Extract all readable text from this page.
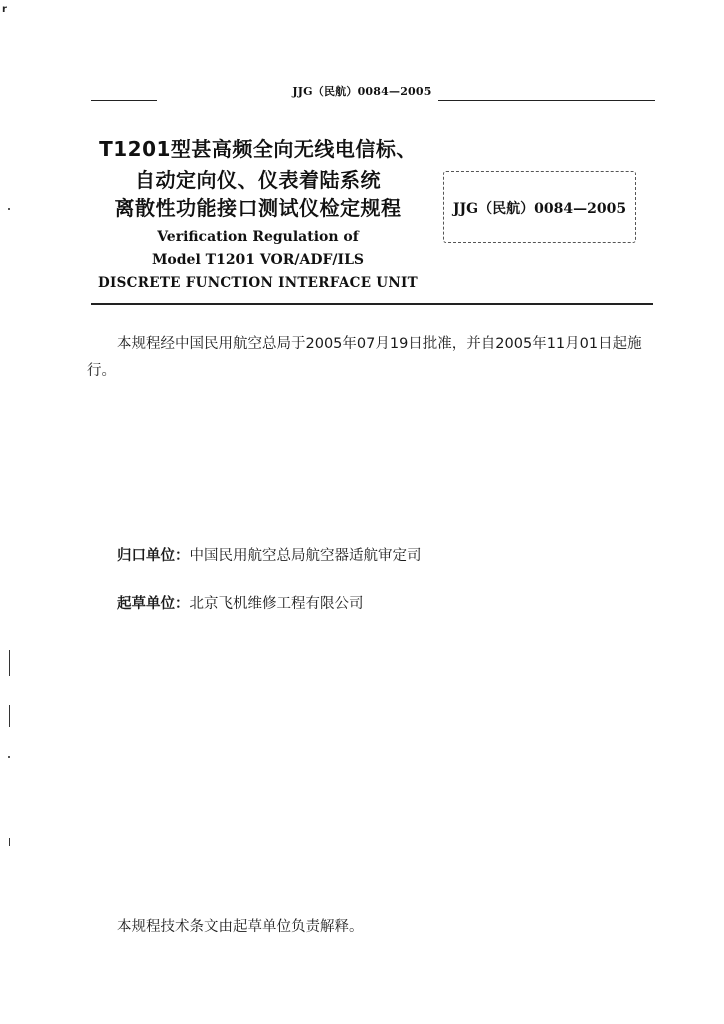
r
JJG（民航）0084—2005
T1201型甚高频全向无线电信标、
自动定向仪、仪表着陆系统
离散性功能接口测试仪检定规程
Verification Regulation of
Model T1201 VOR/ADF/ILS
DISCRETE FUNCTION INTERFACE UNIT
JJG（民航）0084—2005
本规程经中国民用航空总局于2005年07月19日批准，并自2005年11月01日起施行。
归口单位：中国民用航空总局航空器适航审定司
起草单位：北京飞机维修工程有限公司
本规程技术条文由起草单位负责解释。
